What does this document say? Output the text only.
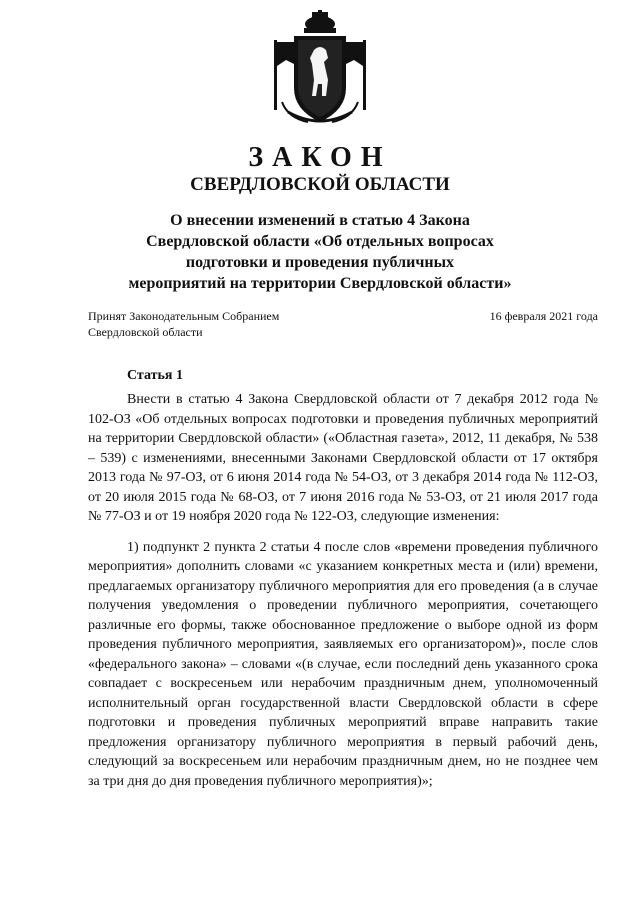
ЗАКОН
СВЕРДЛОВСКОЙ ОБЛАСТИ
О внесении изменений в статью 4 Закона
Свердловской области «Об отдельных вопросах
подготовки и проведения публичных
мероприятий на территории Свердловской области»
Принят Законодательным Собранием
Свердловской области
16 февраля 2021 года
Статья 1

Внести в статью 4 Закона Свердловской области от 7 декабря 2012 года № 102-ОЗ «Об отдельных вопросах подготовки и проведения публичных мероприятий на территории Свердловской области» («Областная газета», 2012, 11 декабря, № 538 – 539) с изменениями, внесенными Законами Свердловской области от 17 октября 2013 года № 97-ОЗ, от 6 июня 2014 года № 54-ОЗ, от 3 декабря 2014 года № 112-ОЗ, от 20 июля 2015 года № 68-ОЗ, от 7 июня 2016 года № 53-ОЗ, от 21 июля 2017 года № 77-ОЗ и от 19 ноября 2020 года № 122-ОЗ, следующие изменения:

1) подпункт 2 пункта 2 статьи 4 после слов «времени проведения публичного мероприятия» дополнить словами «с указанием конкретных места и (или) времени, предлагаемых организатору публичного мероприятия для его проведения (а в случае получения уведомления о проведении публичного мероприятия, сочетающего различные его формы, также обоснованное предложение о выборе одной из форм проведения публичного мероприятия, заявляемых его организатором)», после слов «федерального закона» – словами «(в случае, если последний день указанного срока совпадает с воскресеньем или нерабочим праздничным днем, уполномоченный исполнительный орган государственной власти Свердловской области в сфере подготовки и проведения публичных мероприятий вправе направить такие предложения организатору публичного мероприятия в первый рабочий день, следующий за воскресеньем или нерабочим праздничным днем, но не позднее чем за три дня до дня проведения публичного мероприятия)»;
